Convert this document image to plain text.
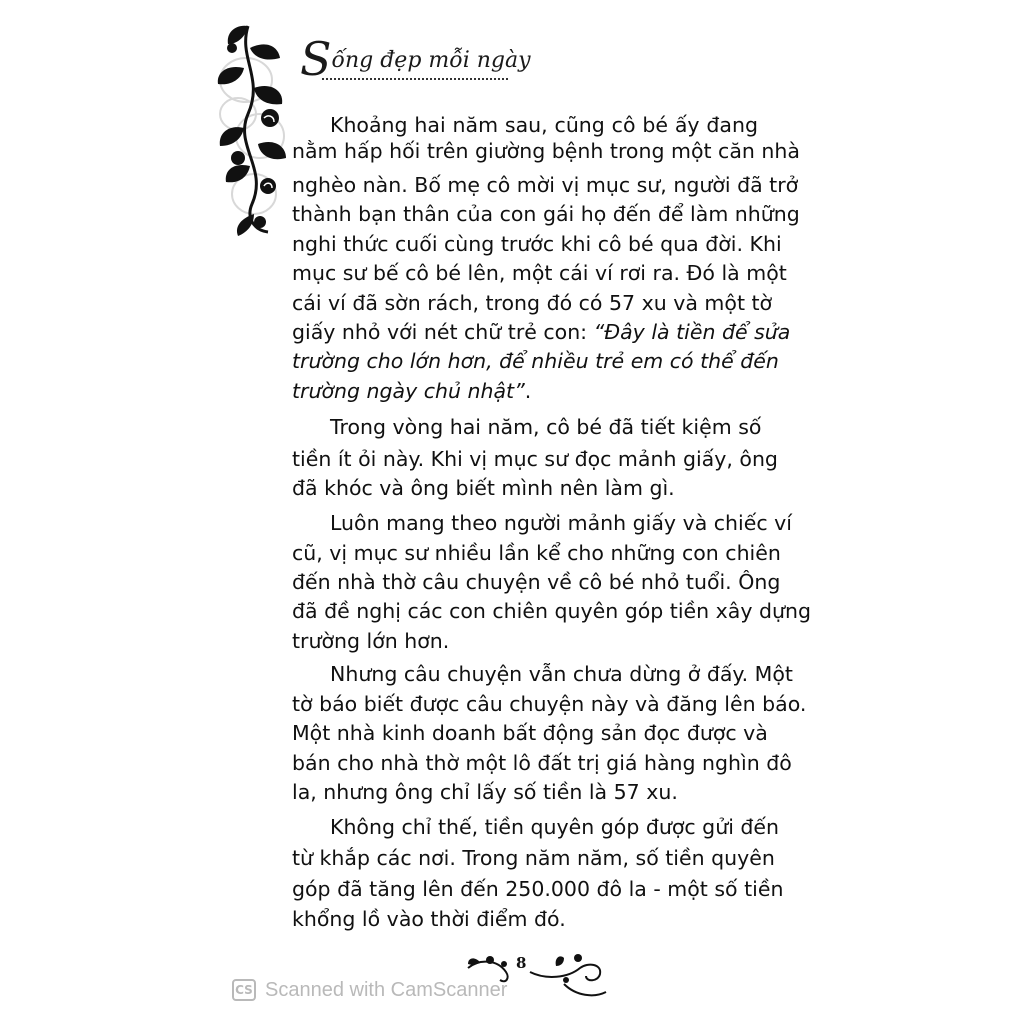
Sống đẹp mỗi ngày
Khoảng hai năm sau, cũng cô bé ấy đang
nằm hấp hối trên giường bệnh trong một căn nhà
nghèo nàn. Bố mẹ cô mời vị mục sư, người đã trở
thành bạn thân của con gái họ đến để làm những
nghi thức cuối cùng trước khi cô bé qua đời. Khi
mục sư bế cô bé lên, một cái ví rơi ra. Đó là một
cái ví đã sờn rách, trong đó có 57 xu và một tờ
giấy nhỏ với nét chữ trẻ con: “Đây là tiền để sửa
trường cho lớn hơn, để nhiều trẻ em có thể đến
trường ngày chủ nhật”.
Trong vòng hai năm, cô bé đã tiết kiệm số
tiền ít ỏi này. Khi vị mục sư đọc mảnh giấy, ông
đã khóc và ông biết mình nên làm gì.
Luôn mang theo người mảnh giấy và chiếc ví
cũ, vị mục sư nhiều lần kể cho những con chiên
đến nhà thờ câu chuyện về cô bé nhỏ tuổi. Ông
đã đề nghị các con chiên quyên góp tiền xây dựng
trường lớn hơn.
Nhưng câu chuyện vẫn chưa dừng ở đấy. Một
tờ báo biết được câu chuyện này và đăng lên báo.
Một nhà kinh doanh bất động sản đọc được và
bán cho nhà thờ một lô đất trị giá hàng nghìn đô
la, nhưng ông chỉ lấy số tiền là 57 xu.
Không chỉ thế, tiền quyên góp được gửi đến
từ khắp các nơi. Trong năm năm, số tiền quyên
góp đã tăng lên đến 250.000 đô la - một số tiền
khổng lồ vào thời điểm đó.
8
CS Scanned with CamScanner
